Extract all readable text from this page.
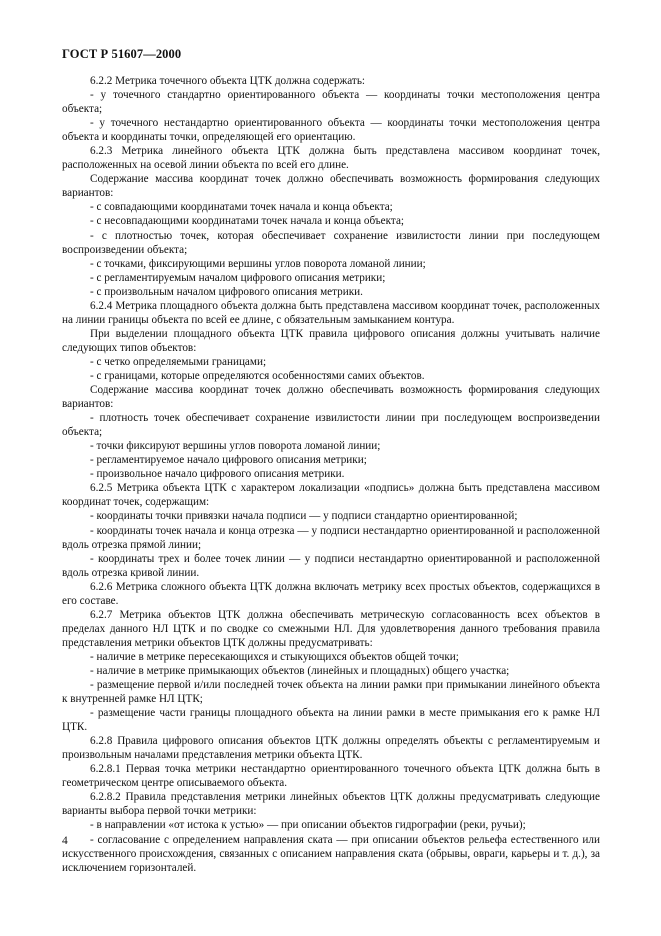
ГОСТ Р 51607—2000

6.2.2 Метрика точечного объекта ЦТК должна содержать:

- у точечного стандартно ориентированного объекта — координаты точки местоположения центра объекта;

- у точечного нестандартно ориентированного объекта — координаты точки местоположения центра объекта и координаты точки, определяющей его ориентацию.

6.2.3 Метрика линейного объекта ЦТК должна быть представлена массивом координат точек, расположенных на осевой линии объекта по всей его длине.

Содержание массива координат точек должно обеспечивать возможность формирования следующих вариантов:

- с совпадающими координатами точек начала и конца объекта;

- с несовпадающими координатами точек начала и конца объекта;

- с плотностью точек, которая обеспечивает сохранение извилистости линии при последующем воспроизведении объекта;

- с точками, фиксирующими вершины углов поворота ломаной линии;

- с регламентируемым началом цифрового описания метрики;

- с произвольным началом цифрового описания метрики.

6.2.4 Метрика площадного объекта должна быть представлена массивом координат точек, расположенных на линии границы объекта по всей ее длине, с обязательным замыканием контура.

При выделении площадного объекта ЦТК правила цифрового описания должны учитывать наличие следующих типов объектов:

- с четко определяемыми границами;

- с границами, которые определяются особенностями самих объектов.

Содержание массива координат точек должно обеспечивать возможность формирования следующих вариантов:

- плотность точек обеспечивает сохранение извилистости линии при последующем воспроизведении объекта;

- точки фиксируют вершины углов поворота ломаной линии;

- регламентируемое начало цифрового описания метрики;

- произвольное начало цифрового описания метрики.

6.2.5 Метрика объекта ЦТК с характером локализации «подпись» должна быть представлена массивом координат точек, содержащим:

- координаты точки привязки начала подписи — у подписи стандартно ориентированной;

- координаты точек начала и конца отрезка — у подписи нестандартно ориентированной и расположенной вдоль отрезка прямой линии;

- координаты трех и более точек линии — у подписи нестандартно ориентированной и расположенной вдоль отрезка кривой линии.

6.2.6 Метрика сложного объекта ЦТК должна включать метрику всех простых объектов, содержащихся в его составе.

6.2.7 Метрика объектов ЦТК должна обеспечивать метрическую согласованность всех объектов в пределах данного НЛ ЦТК и по сводке со смежными НЛ. Для удовлетворения данного требования правила представления метрики объектов ЦТК должны предусматривать:

- наличие в метрике пересекающихся и стыкующихся объектов общей точки;

- наличие в метрике примыкающих объектов (линейных и площадных) общего участка;

- размещение первой и/или последней точек объекта на линии рамки при примыкании линейного объекта к внутренней рамке НЛ ЦТК;

- размещение части границы площадного объекта на линии рамки в месте примыкания его к рамке НЛ ЦТК.

6.2.8 Правила цифрового описания объектов ЦТК должны определять объекты с регламентируемым и произвольным началами представления метрики объекта ЦТК.

6.2.8.1 Первая точка метрики нестандартно ориентированного точечного объекта ЦТК должна быть в геометрическом центре описываемого объекта.

6.2.8.2 Правила представления метрики линейных объектов ЦТК должны предусматривать следующие варианты выбора первой точки метрики:

- в направлении «от истока к устью» — при описании объектов гидрографии (реки, ручьи);

- согласование с определением направления ската — при описании объектов рельефа естественного или искусственного происхождения, связанных с описанием направления ската (обрывы, овраги, карьеры и т. д.), за исключением горизонталей.

4
